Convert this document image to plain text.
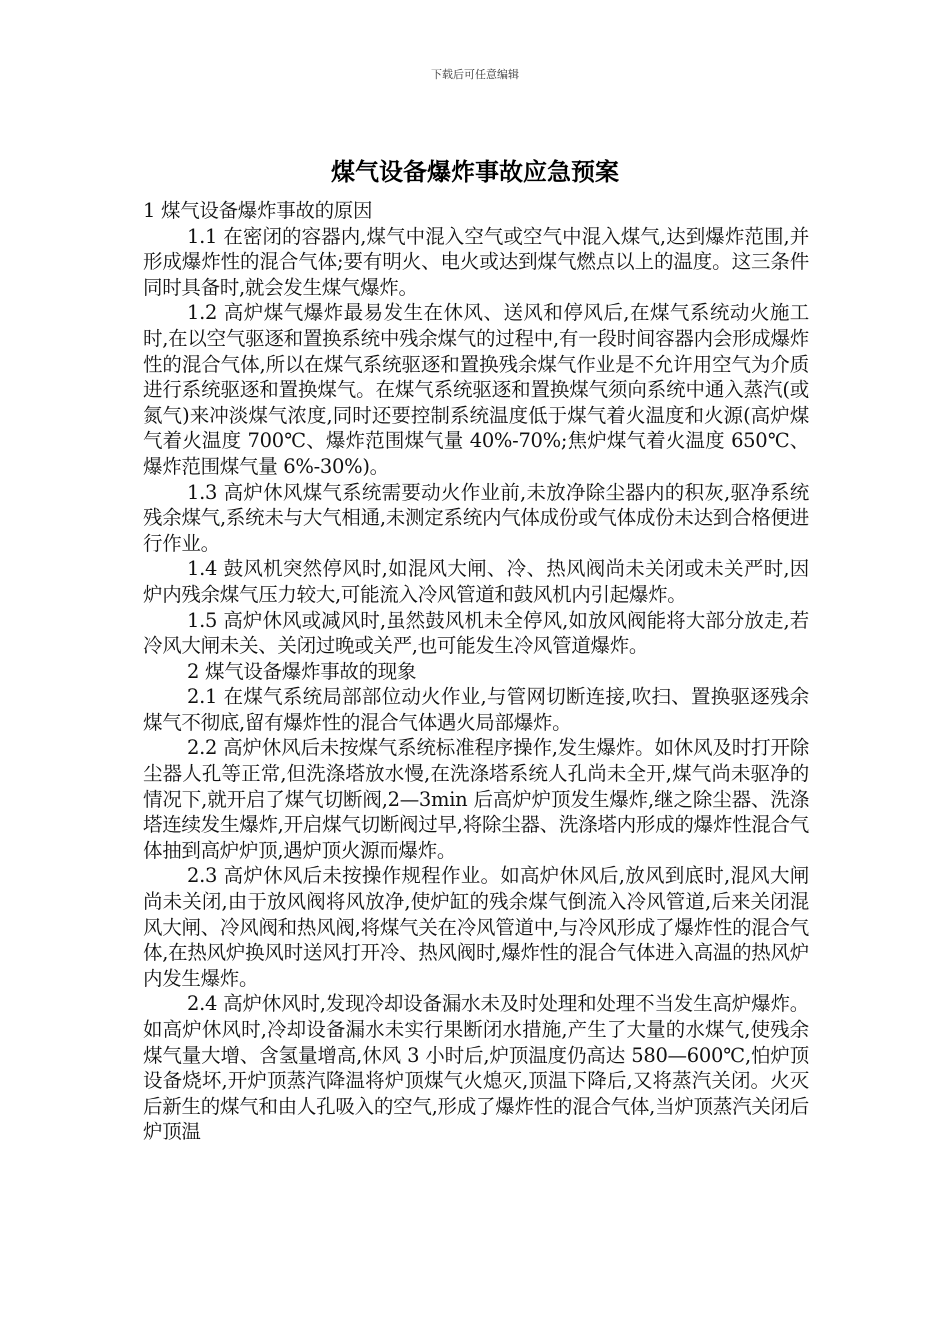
下载后可任意编辑
煤气设备爆炸事故应急预案

1 煤气设备爆炸事故的原因

1.1 在密闭的容器内,煤气中混入空气或空气中混入煤气,达到爆炸范围,并形成爆炸性的混合气体;要有明火、电火或达到煤气燃点以上的温度。这三条件同时具备时,就会发生煤气爆炸。

1.2 高炉煤气爆炸最易发生在休风、送风和停风后,在煤气系统动火施工时,在以空气驱逐和置换系统中残余煤气的过程中,有一段时间容器内会形成爆炸性的混合气体,所以在煤气系统驱逐和置换残余煤气作业是不允许用空气为介质进行系统驱逐和置换煤气。在煤气系统驱逐和置换煤气须向系统中通入蒸汽(或氮气)来冲淡煤气浓度,同时还要控制系统温度低于煤气着火温度和火源(高炉煤气着火温度 700℃、爆炸范围煤气量 40%-70%;焦炉煤气着火温度 650℃、爆炸范围煤气量 6%-30%)。

1.3 高炉休风煤气系统需要动火作业前,未放净除尘器内的积灰,驱净系统残余煤气,系统未与大气相通,未测定系统内气体成份或气体成份未达到合格便进行作业。

1.4 鼓风机突然停风时,如混风大闸、冷、热风阀尚未关闭或未关严时,因炉内残余煤气压力较大,可能流入冷风管道和鼓风机内引起爆炸。

1.5 高炉休风或减风时,虽然鼓风机未全停风,如放风阀能将大部分放走,若冷风大闸未关、关闭过晚或关严,也可能发生冷风管道爆炸。

2 煤气设备爆炸事故的现象

2.1 在煤气系统局部部位动火作业,与管网切断连接,吹扫、置换驱逐残余煤气不彻底,留有爆炸性的混合气体遇火局部爆炸。

2.2 高炉休风后未按煤气系统标准程序操作,发生爆炸。如休风及时打开除尘器人孔等正常,但洗涤塔放水慢,在洗涤塔系统人孔尚未全开,煤气尚未驱净的情况下,就开启了煤气切断阀,2—3min 后高炉炉顶发生爆炸,继之除尘器、洗涤塔连续发生爆炸,开启煤气切断阀过早,将除尘器、洗涤塔内形成的爆炸性混合气体抽到高炉炉顶,遇炉顶火源而爆炸。

2.3 高炉休风后未按操作规程作业。如高炉休风后,放风到底时,混风大闸尚未关闭,由于放风阀将风放净,使炉缸的残余煤气倒流入冷风管道,后来关闭混风大闸、冷风阀和热风阀,将煤气关在冷风管道中,与冷风形成了爆炸性的混合气体,在热风炉换风时送风打开冷、热风阀时,爆炸性的混合气体进入高温的热风炉内发生爆炸。

2.4 高炉休风时,发现冷却设备漏水未及时处理和处理不当发生高炉爆炸。如高炉休风时,冷却设备漏水未实行果断闭水措施,产生了大量的水煤气,使残余煤气量大增、含氢量增高,休风 3 小时后,炉顶温度仍高达 580—600℃,怕炉顶设备烧坏,开炉顶蒸汽降温将炉顶煤气火熄灭,顶温下降后,又将蒸汽关闭。火灭后新生的煤气和由人孔吸入的空气,形成了爆炸性的混合气体,当炉顶蒸汽关闭后炉顶温
